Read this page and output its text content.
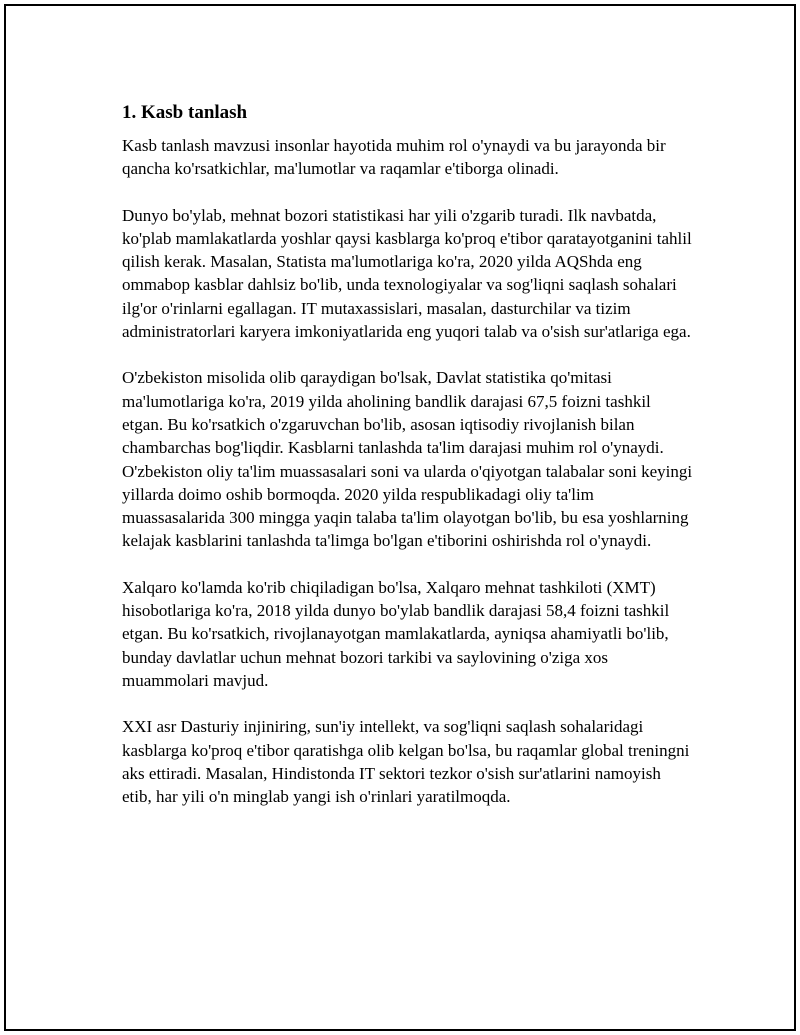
1. Kasb tanlash

Kasb tanlash mavzusi insonlar hayotida muhim rol o'ynaydi va bu jarayonda bir qancha ko'rsatkichlar, ma'lumotlar va raqamlar e'tiborga olinadi.

Dunyo bo'ylab, mehnat bozori statistikasi har yili o'zgarib turadi. Ilk navbatda, ko'plab mamlakatlarda yoshlar qaysi kasblarga ko'proq e'tibor qaratayotganini tahlil qilish kerak. Masalan, Statista ma'lumotlariga ko'ra, 2020 yilda AQShda eng ommabop kasblar dahlsiz bo'lib, unda texnologiyalar va sog'liqni saqlash sohalari ilg'or o'rinlarni egallagan. IT mutaxassislari, masalan, dasturchilar va tizim administratorlari karyera imkoniyatlarida eng yuqori talab va o'sish sur'atlariga ega.

O'zbekiston misolida olib qaraydigan bo'lsak, Davlat statistika qo'mitasi ma'lumotlariga ko'ra, 2019 yilda aholining bandlik darajasi 67,5 foizni tashkil etgan. Bu ko'rsatkich o'zgaruvchan bo'lib, asosan iqtisodiy rivojlanish bilan chambarchas bog'liqdir. Kasblarni tanlashda ta'lim darajasi muhim rol o'ynaydi. O'zbekiston oliy ta'lim muassasalari soni va ularda o'qiyotgan talabalar soni keyingi yillarda doimo oshib bormoqda. 2020 yilda respublikadagi oliy ta'lim muassasalarida 300 mingga yaqin talaba ta'lim olayotgan bo'lib, bu esa yoshlarning kelajak kasblarini tanlashda ta'limga bo'lgan e'tiborini oshirishda rol o'ynaydi.

Xalqaro ko'lamda ko'rib chiqiladigan bo'lsa, Xalqaro mehnat tashkiloti (XMT) hisobotlariga ko'ra, 2018 yilda dunyo bo'ylab bandlik darajasi 58,4 foizni tashkil etgan. Bu ko'rsatkich, rivojlanayotgan mamlakatlarda, ayniqsa ahamiyatli bo'lib, bunday davlatlar uchun mehnat bozori tarkibi va saylovining o'ziga xos muammolari mavjud.

XXI asr Dasturiy injiniring, sun'iy intellekt, va sog'liqni saqlash sohalaridagi kasblarga ko'proq e'tibor qaratishga olib kelgan bo'lsa, bu raqamlar global treningni aks ettiradi. Masalan, Hindistonda IT sektori tezkor o'sish sur'atlarini namoyish etib, har yili o'n minglab yangi ish o'rinlari yaratilmoqda.
